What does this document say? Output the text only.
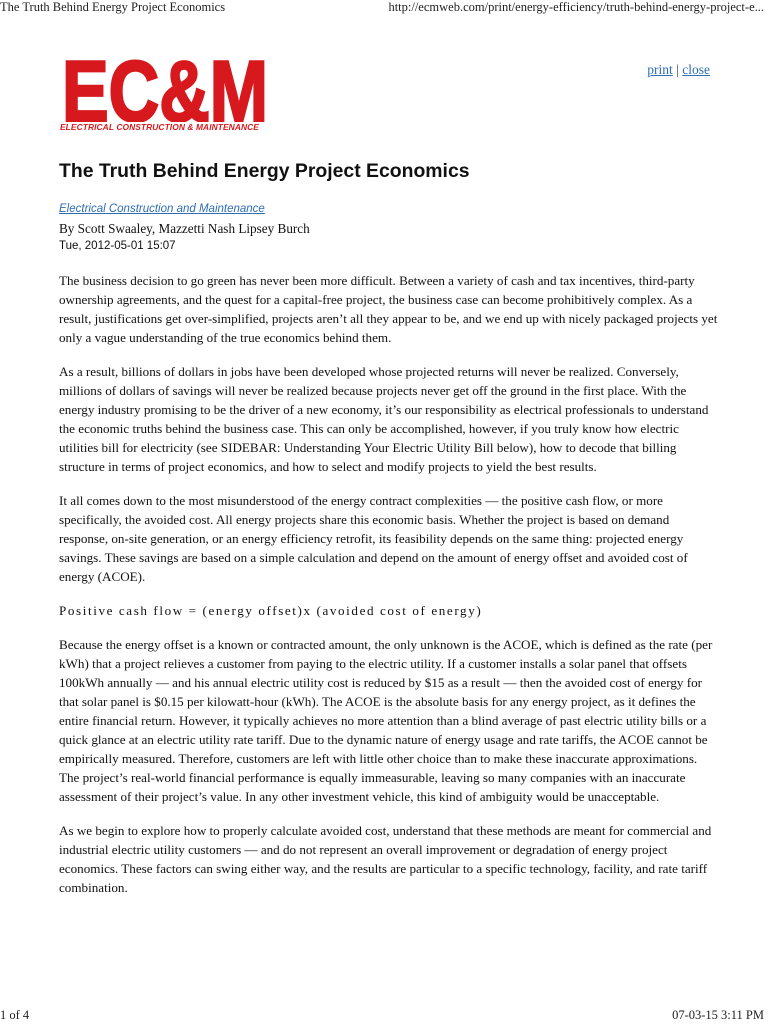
The Truth Behind Energy Project Economics	http://ecmweb.com/print/energy-efficiency/truth-behind-energy-project-e...
EC&M
ELECTRICAL CONSTRUCTION & MAINTENANCE
print | close
The Truth Behind Energy Project Economics
Electrical Construction and Maintenance
By Scott Swaaley, Mazzetti Nash Lipsey Burch
Tue, 2012-05-01 15:07

The business decision to go green has never been more difficult. Between a variety of cash and tax incentives, third-party ownership agreements, and the quest for a capital-free project, the business case can become prohibitively complex. As a result, justifications get over-simplified, projects aren’t all they appear to be, and we end up with nicely packaged projects yet only a vague understanding of the true economics behind them.

As a result, billions of dollars in jobs have been developed whose projected returns will never be realized. Conversely, millions of dollars of savings will never be realized because projects never get off the ground in the first place. With the energy industry promising to be the driver of a new economy, it’s our responsibility as electrical professionals to understand the economic truths behind the business case. This can only be accomplished, however, if you truly know how electric utilities bill for electricity (see SIDEBAR: Understanding Your Electric Utility Bill below), how to decode that billing structure in terms of project economics, and how to select and modify projects to yield the best results.

It all comes down to the most misunderstood of the energy contract complexities — the positive cash flow, or more specifically, the avoided cost. All energy projects share this economic basis. Whether the project is based on demand response, on-site generation, or an energy efficiency retrofit, its feasibility depends on the same thing: projected energy savings. These savings are based on a simple calculation and depend on the amount of energy offset and avoided cost of energy (ACOE).

Positive cash flow = (energy offset)x (avoided cost of energy)

Because the energy offset is a known or contracted amount, the only unknown is the ACOE, which is defined as the rate (per kWh) that a project relieves a customer from paying to the electric utility. If a customer installs a solar panel that offsets 100kWh annually — and his annual electric utility cost is reduced by $15 as a result — then the avoided cost of energy for that solar panel is $0.15 per kilowatt-hour (kWh). The ACOE is the absolute basis for any energy project, as it defines the entire financial return. However, it typically achieves no more attention than a blind average of past electric utility bills or a quick glance at an electric utility rate tariff. Due to the dynamic nature of energy usage and rate tariffs, the ACOE cannot be empirically measured. Therefore, customers are left with little other choice than to make these inaccurate approximations. The project’s real-world financial performance is equally immeasurable, leaving so many companies with an inaccurate assessment of their project’s value. In any other investment vehicle, this kind of ambiguity would be unacceptable.

As we begin to explore how to properly calculate avoided cost, understand that these methods are meant for commercial and industrial electric utility customers — and do not represent an overall improvement or degradation of energy project economics. These factors can swing either way, and the results are particular to a specific technology, facility, and rate tariff combination.

1 of 4	07-03-15 3:11 PM
